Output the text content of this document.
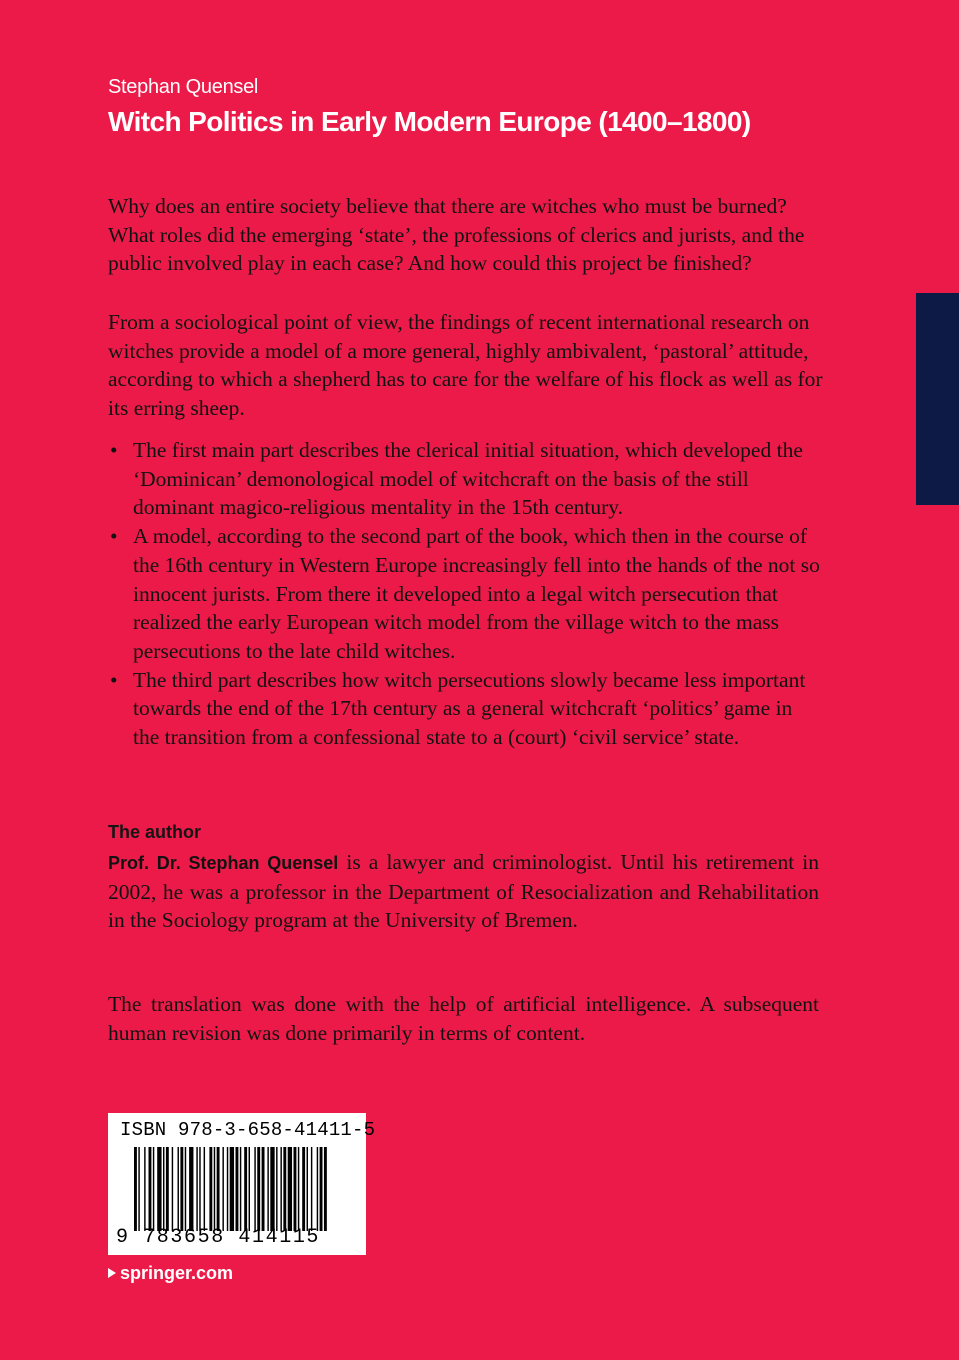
Stephan Quensel
Witch Politics in Early Modern Europe (1400–1800)
Why does an entire society believe that there are witches who must be burned? What roles did the emerging ‘state’, the professions of clerics and jurists, and the public involved play in each case? And how could this project be finished?
From a sociological point of view, the findings of recent international research on witches provide a model of a more general, highly ambivalent, ‘pastoral’ attitude, according to which a shepherd has to care for the welfare of his flock as well as for its erring sheep.
• The first main part describes the clerical initial situation, which developed the ‘Dominican’ demonological model of witchcraft on the basis of the still dominant magico-religious mentality in the 15th century.
• A model, according to the second part of the book, which then in the course of the 16th century in Western Europe increasingly fell into the hands of the not so innocent jurists. From there it developed into a legal witch persecution that realized the early European witch model from the village witch to the mass persecutions to the late child witches.
• The third part describes how witch persecutions slowly became less important towards the end of the 17th century as a general witchcraft ‘politics’ game in the transition from a confessional state to a (court) ‘civil service’ state.
The author
Prof. Dr. Stephan Quensel is a lawyer and criminologist. Until his retirement in 2002, he was a professor in the Department of Resocialization and Rehabilitation in the Sociology program at the University of Bremen.
The translation was done with the help of artificial intelligence. A subsequent human revision was done primarily in terms of content.
ISBN 978-3-658-41411-5
9 783658 414115
springer.com
